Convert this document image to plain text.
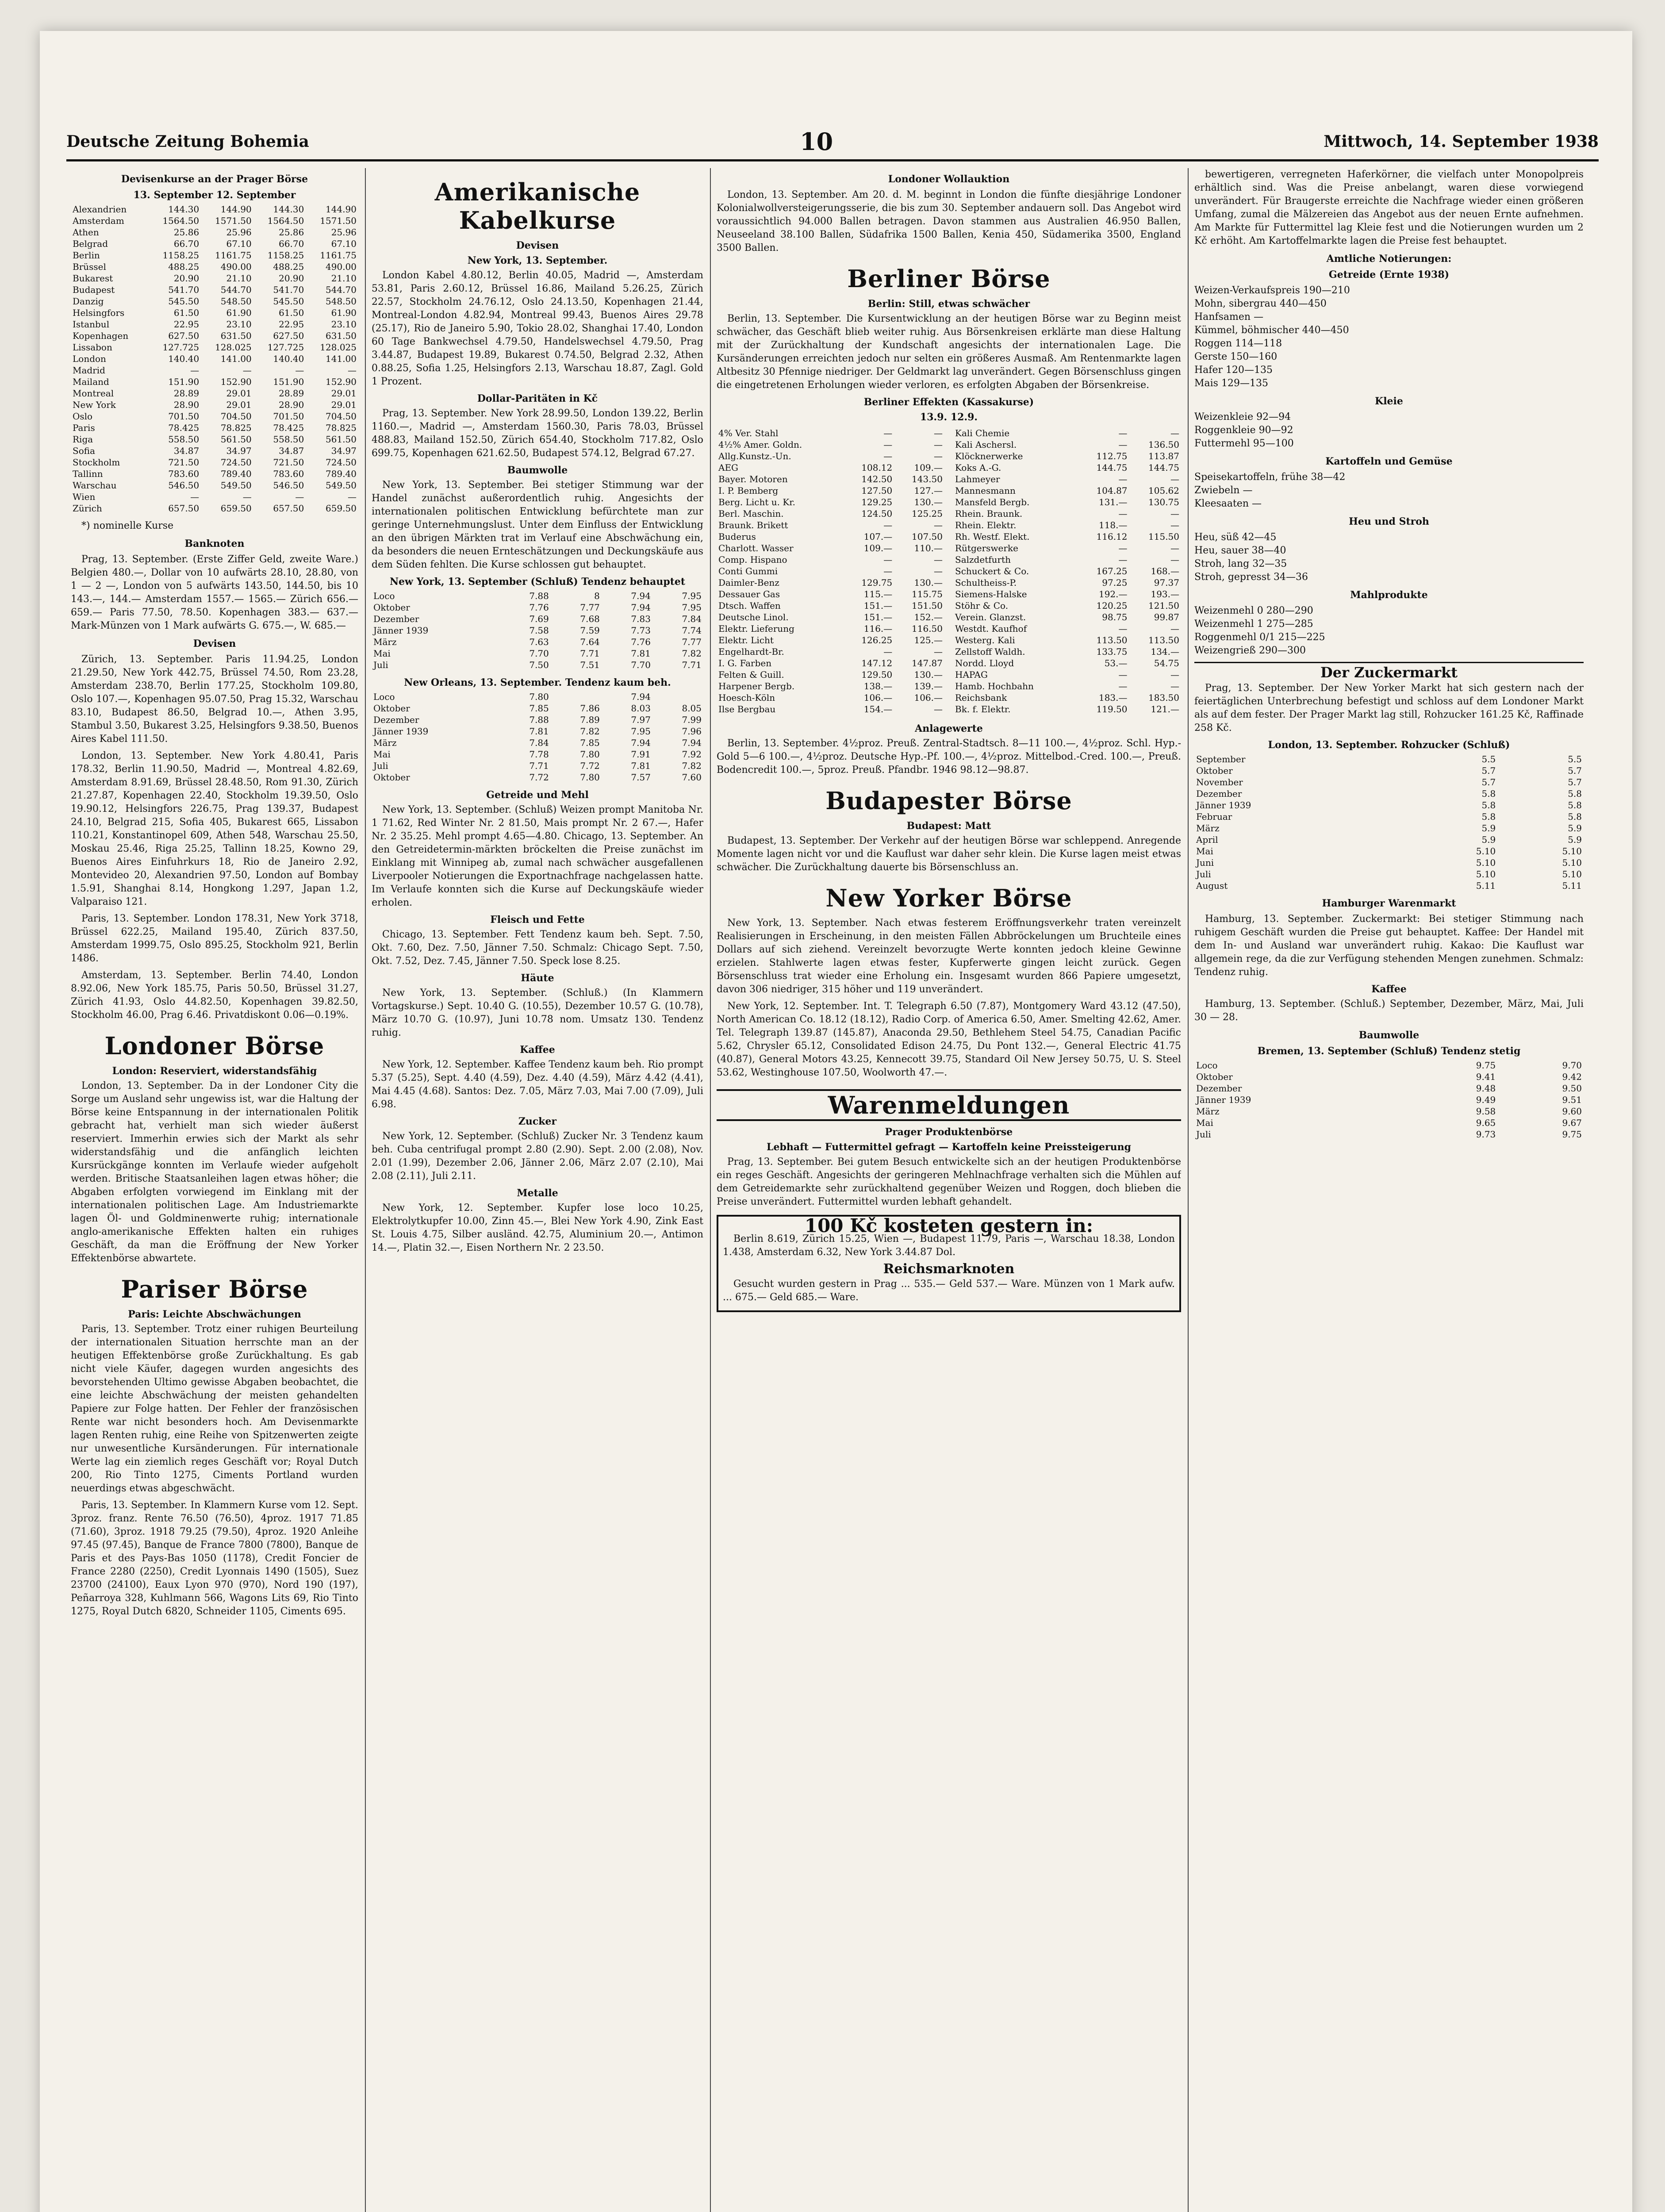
Deutsche Zeitung Bohemia	10	Mittwoch, 14. September 1938
Devisenkurse an der Prager Börse
13. September 12. September
Alexandrien	144.30	144.90	144.30	144.90
Amsterdam	1564.50	1571.50	1564.50	1571.50
Athen	25.86	25.96	25.86	25.96
Belgrad	66.70	67.10	66.70	67.10
Berlin	1158.25	1161.75	1158.25	1161.75
Brüssel	488.25	490.00	488.25	490.00
Bukarest	20.90	21.10	20.90	21.10
Budapest	541.70	544.70	541.70	544.70
Danzig	545.50	548.50	545.50	548.50
Helsingfors	61.50	61.90	61.50	61.90
Istanbul	22.95	23.10	22.95	23.10
Kopenhagen	627.50	631.50	627.50	631.50
Lissabon	127.725	128.025	127.725	128.025
London	140.40	141.00	140.40	141.00
Madrid	—	—	—	—
Mailand	151.90	152.90	151.90	152.90
Montreal	28.89	29.01	28.89	29.01
New York	28.90	29.01	28.90	29.01
Oslo	701.50	704.50	701.50	704.50
Paris	78.425	78.825	78.425	78.825
Riga	558.50	561.50	558.50	561.50
Sofia	34.87	34.97	34.87	34.97
Stockholm	721.50	724.50	721.50	724.50
Tallinn	783.60	789.40	783.60	789.40
Warschau	546.50	549.50	546.50	549.50
Wien	—	—	—	—
Zürich	657.50	659.50	657.50	659.50
*) nominelle Kurse
Banknoten
Prag, 13. September. (Erste Ziffer Geld, zweite Ware.) Belgien 480.—, Dollar von 10 aufwärts 28.10, 28.80, von 1 — 2 —, London von 5 aufwärts 143.50, 144.50, bis 10 143.—, 144.— Amsterdam 1557.— 1565.— Zürich 656.— 659.— Paris 77.50, 78.50. Kopenhagen 383.— 637.— Mark-Münzen von 1 Mark aufwärts G. 675.—, W. 685.—
Devisen
Zürich, 13. September. Paris 11.94.25, London 21.29.50, New York 442.75, Brüssel 74.50, Rom 23.28, Amsterdam 238.70, Berlin 177.25, Stockholm 109.80, Oslo 107.—, Kopenhagen 95.07.50, Prag 15.32, Warschau 83.10, Budapest 86.50, Belgrad 10.—, Athen 3.95, Stambul 3.50, Bukarest 3.25, Helsingfors 9.38.50, Buenos Aires Kabel 111.50.
London, 13. September. New York 4.80.41, Paris 178.32, Berlin 11.90.50, Madrid —, Montreal 4.82.69, Amsterdam 8.91.69, Brüssel 28.48.50, Rom 91.30, Zürich 21.27.87, Kopenhagen 22.40, Stockholm 19.39.50, Oslo 19.90.12, Helsingfors 226.75, Prag 139.37, Budapest 24.10, Belgrad 215, Sofia 405, Bukarest 665, Lissabon 110.21, Konstantinopel 609, Athen 548, Warschau 25.50, Moskau 25.46, Riga 25.25, Tallinn 18.25, Kowno 29, Buenos Aires Einfuhrkurs 18, Rio de Janeiro 2.92, Montevideo 20, Alexandrien 97.50, London auf Bombay 1.5.91, Shanghai 8.14, Hongkong 1.297, Japan 1.2, Valparaiso 121.
Paris, 13. September. London 178.31, New York 3718, Brüssel 622.25, Mailand 195.40, Zürich 837.50, Amsterdam 1999.75, Oslo 895.25, Stockholm 921, Berlin 1486.
Amsterdam, 13. September. Berlin 74.40, London 8.92.06, New York 185.75, Paris 50.50, Brüssel 31.27, Zürich 41.93, Oslo 44.82.50, Kopenhagen 39.82.50, Stockholm 46.00, Prag 6.46. Privatdiskont 0.06—0.19%.
Londoner Börse
London: Reserviert, widerstandsfähig
London, 13. September. Da in der Londoner City die Sorge um Ausland sehr ungewiss ist, war die Haltung der Börse keine Entspannung in der internationalen Politik gebracht hat, verhielt man sich wieder äußerst reserviert. Immerhin erwies sich der Markt als sehr widerstandsfähig und die anfänglich leichten Kursrückgänge konnten im Verlaufe wieder aufgeholt werden. Britische Staatsanleihen lagen etwas höher; die Abgaben erfolgten vorwiegend im Einklang mit der internationalen politischen Lage. Am Industriemarkte lagen Öl- und Goldminenwerte ruhig; internationale anglo-amerikanische Effekten halten ein ruhiges Geschäft, da man die Eröffnung der New Yorker Effektenbörse abwartete.
Pariser Börse
Paris: Leichte Abschwächungen
Paris, 13. September. Trotz einer ruhigen Beurteilung der internationalen Situation herrschte man an der heutigen Effektenbörse große Zurückhaltung. Es gab nicht viele Käufer, dagegen wurden angesichts des bevorstehenden Ultimo gewisse Abgaben beobachtet, die eine leichte Abschwächung der meisten gehandelten Papiere zur Folge hatten. Der Fehler der französischen Rente war nicht besonders hoch. Am Devisenmarkte lagen Renten ruhig, eine Reihe von Spitzenwerten zeigte nur unwesentliche Kursänderungen. Für internationale Werte lag ein ziemlich reges Geschäft vor; Royal Dutch 200, Rio Tinto 1275, Ciments Portland wurden neuerdings etwas abgeschwächt.
Paris, 13. September. In Klammern Kurse vom 12. Sept. 3proz. franz. Rente 76.50 (76.50), 4proz. 1917 71.85 (71.60), 3proz. 1918 79.25 (79.50), 4proz. 1920 Anleihe 97.45 (97.45), Banque de France 7800 (7800), Banque de Paris et des Pays-Bas 1050 (1178), Credit Foncier de France 2280 (2250), Credit Lyonnais 1490 (1505), Suez 23700 (24100), Eaux Lyon 970 (970), Nord 190 (197), Peñarroya 328, Kuhlmann 566, Wagons Lits 69, Rio Tinto 1275, Royal Dutch 6820, Schneider 1105, Ciments 695.
Amerikanische Kabelkurse
Devisen
New York, 13. September.
London Kabel 4.80.12, Berlin 40.05, Madrid —, Amsterdam 53.81, Paris 2.60.12, Brüssel 16.86, Mailand 5.26.25, Zürich 22.57, Stockholm 24.76.12, Oslo 24.13.50, Kopenhagen 21.44, Montreal-London 4.82.94, Montreal 99.43, Buenos Aires 29.78 (25.17), Rio de Janeiro 5.90, Tokio 28.02, Shanghai 17.40, London 60 Tage Bankwechsel 4.79.50, Handelswechsel 4.79.50, Prag 3.44.87, Budapest 19.89, Bukarest 0.74.50, Belgrad 2.32, Athen 0.88.25, Sofia 1.25, Helsingfors 2.13, Warschau 18.87, Zagl. Gold 1 Prozent.
Dollar-Paritäten in Kč
Prag, 13. September. New York 28.99.50, London 139.22, Berlin 1160.—, Madrid —, Amsterdam 1560.30, Paris 78.03, Brüssel 488.83, Mailand 152.50, Zürich 654.40, Stockholm 717.82, Oslo 699.75, Kopenhagen 621.62.50, Budapest 574.12, Belgrad 67.27.
Baumwolle
New York, 13. September. Bei stetiger Stimmung war der Handel zunächst außerordentlich ruhig. Angesichts der internationalen politischen Entwicklung befürchtete man zur geringe Unternehmungslust. Unter dem Einfluss der Entwicklung an den übrigen Märkten trat im Verlauf eine Abschwächung ein, da besonders die neuen Ernteschätzungen und Deckungskäufe aus dem Süden fehlten. Die Kurse schlossen gut behauptet.
New York, 13. September (Schluß) Tendenz behauptet
Loco	7.88	8	7.94	7.95
Oktober	7.76	7.77	7.94	7.95
Dezember	7.69	7.68	7.83	7.84
Jänner 1939	7.58	7.59	7.73	7.74
März	7.63	7.64	7.76	7.77
Mai	7.70	7.71	7.81	7.82
Juli	7.50	7.51	7.70	7.71
New Orleans, 13. September. Tendenz kaum beh.
Loco	7.80		7.94	
Oktober	7.85	7.86	8.03	8.05
Dezember	7.88	7.89	7.97	7.99
Jänner 1939	7.81	7.82	7.95	7.96
März	7.84	7.85	7.94	7.94
Mai	7.78	7.80	7.91	7.92
Juli	7.71	7.72	7.81	7.82
Oktober	7.72	7.80	7.57	7.60
Getreide und Mehl
New York, 13. September. (Schluß) Weizen prompt Manitoba Nr. 1 71.62, Red Winter Nr. 2 81.50, Mais prompt Nr. 2 67.—, Hafer Nr. 2 35.25. Mehl prompt 4.65—4.80. Chicago, 13. September. An den Getreidetermin-märkten bröckelten die Preise zunächst im Einklang mit Winnipeg ab, zumal nach schwächer ausgefallenen Liverpooler Notierungen die Exportnachfrage nachgelassen hatte. Im Verlaufe konnten sich die Kurse auf Deckungskäufe wieder erholen.
Fleisch und Fette
Chicago, 13. September. Fett Tendenz kaum beh. Sept. 7.50, Okt. 7.60, Dez. 7.50, Jänner 7.50. Schmalz: Chicago Sept. 7.50, Okt. 7.52, Dez. 7.45, Jänner 7.50. Speck lose 8.25.
Häute
New York, 13. September. (Schluß.) (In Klammern Vortagskurse.) Sept. 10.40 G. (10.55), Dezember 10.57 G. (10.78), März 10.70 G. (10.97), Juni 10.78 nom. Umsatz 130. Tendenz ruhig.
Kaffee
New York, 12. September. Kaffee Tendenz kaum beh. Rio prompt 5.37 (5.25), Sept. 4.40 (4.59), Dez. 4.40 (4.59), März 4.42 (4.41), Mai 4.45 (4.68). Santos: Dez. 7.05, März 7.03, Mai 7.00 (7.09), Juli 6.98.
Zucker
New York, 12. September. (Schluß) Zucker Nr. 3 Tendenz kaum beh. Cuba centrifugal prompt 2.80 (2.90). Sept. 2.00 (2.08), Nov. 2.01 (1.99), Dezember 2.06, Jänner 2.06, März 2.07 (2.10), Mai 2.08 (2.11), Juli 2.11.
Metalle
New York, 12. September. Kupfer lose loco 10.25, Elektrolytkupfer 10.00, Zinn 45.—, Blei New York 4.90, Zink East St. Louis 4.75, Silber ausländ. 42.75, Aluminium 20.—, Antimon 14.—, Platin 32.—, Eisen Northern Nr. 2 23.50.
Londoner Wollauktion
London, 13. September. Am 20. d. M. beginnt in London die fünfte diesjährige Londoner Kolonialwollversteigerungsserie, die bis zum 30. September andauern soll. Das Angebot wird voraussichtlich 94.000 Ballen betragen. Davon stammen aus Australien 46.950 Ballen, Neuseeland 38.100 Ballen, Südafrika 1500 Ballen, Kenia 450, Südamerika 3500, England 3500 Ballen.
Berliner Börse
Berlin: Still, etwas schwächer
Berlin, 13. September. Die Kursentwicklung an der heutigen Börse war zu Beginn meist schwächer, das Geschäft blieb weiter ruhig. Aus Börsenkreisen erklärte man diese Haltung mit der Zurückhaltung der Kundschaft angesichts der internationalen Lage. Die Kursänderungen erreichten jedoch nur selten ein größeres Ausmaß. Am Rentenmarkte lagen Altbesitz 30 Pfennige niedriger. Der Geldmarkt lag unverändert. Gegen Börsenschluss gingen die eingetretenen Erholungen wieder verloren, es erfolgten Abgaben der Börsenkreise.
Berliner Effekten (Kassakurse)
13.9. 12.9.
4% Ver. Stahl	—	—
4½% Amer. Goldn.	—	—
Allg.Kunstz.-Un.	—	—
AEG	108.12	109.—
Bayer. Motoren	142.50	143.50
I. P. Bemberg	127.50	127.—
Berg. Licht u. Kr.	129.25	130.—
Berl. Maschin.	124.50	125.25
Braunk. Brikett	—	—
Buderus	107.—	107.50
Charlott. Wasser	109.—	110.—
Comp. Hispano	—	—
Conti Gummi	—	—
Daimler-Benz	129.75	130.—
Dessauer Gas	115.—	115.75
Dtsch. Waffen	151.—	151.50
Deutsche Linol.	151.—	152.—
Elektr. Lieferung	116.—	116.50
Elektr. Licht	126.25	125.—
Engelhardt-Br.	—	—
I. G. Farben	147.12	147.87
Felten & Guill.	129.50	130.—
Harpener Bergb.	138.—	139.—
Hoesch-Köln	106.—	106.—
Ilse Bergbau	154.—	—
Kali Chemie	—	—
Kali Aschersl.	—	136.50
Klöcknerwerke	112.75	113.87
Koks A.-G.	144.75	144.75
Lahmeyer	—	—
Mannesmann	104.87	105.62
Mansfeld Bergb.	131.—	130.75
Rhein. Braunk.	—	—
Rhein. Elektr.	118.—	—
Rh. Westf. Elekt.	116.12	115.50
Rütgerswerke	—	—
Salzdetfurth	—	—
Schuckert & Co.	167.25	168.—
Schultheiss-P.	97.25	97.37
Siemens-Halske	192.—	193.—
Stöhr & Co.	120.25	121.50
Verein. Glanzst.	98.75	99.87
Westdt. Kaufhof	—	—
Westerg. Kali	113.50	113.50
Zellstoff Waldh.	133.75	134.—
Nordd. Lloyd	53.—	54.75
HAPAG	—	—
Hamb. Hochbahn	—	—
Reichsbank	183.—	183.50
Bk. f. Elektr.	119.50	121.—
Anlagewerte
Berlin, 13. September. 4½proz. Preuß. Zentral-Stadtsch. 8—11 100.—, 4½proz. Schl. Hyp.-Gold 5—6 100.—, 4½proz. Deutsche Hyp.-Pf. 100.—, 4½proz. Mittelbod.-Cred. 100.—, Preuß. Bodencredit 100.—, 5proz. Preuß. Pfandbr. 1946 98.12—98.87.
Budapester Börse
Budapest: Matt
Budapest, 13. September. Der Verkehr auf der heutigen Börse war schleppend. Anregende Momente lagen nicht vor und die Kauflust war daher sehr klein. Die Kurse lagen meist etwas schwächer. Die Zurückhaltung dauerte bis Börsenschluss an.
New Yorker Börse
New York, 13. September. Nach etwas festerem Eröffnungsverkehr traten vereinzelt Realisierungen in Erscheinung, in den meisten Fällen Abbröckelungen um Bruchteile eines Dollars auf sich ziehend. Vereinzelt bevorzugte Werte konnten jedoch kleine Gewinne erzielen. Stahlwerte lagen etwas fester, Kupferwerte gingen leicht zurück. Gegen Börsenschluss trat wieder eine Erholung ein. Insgesamt wurden 866 Papiere umgesetzt, davon 306 niedriger, 315 höher und 119 unverändert.
New York, 12. September. Int. T. Telegraph 6.50 (7.87), Montgomery Ward 43.12 (47.50), North American Co. 18.12 (18.12), Radio Corp. of America 6.50, Amer. Smelting 42.62, Amer. Tel. Telegraph 139.87 (145.87), Anaconda 29.50, Bethlehem Steel 54.75, Canadian Pacific 5.62, Chrysler 65.12, Consolidated Edison 24.75, Du Pont 132.—, General Electric 41.75 (40.87), General Motors 43.25, Kennecott 39.75, Standard Oil New Jersey 50.75, U. S. Steel 53.62, Westinghouse 107.50, Woolworth 47.—.
Warenmeldungen
Prager Produktenbörse
Lebhaft — Futtermittel gefragt — Kartoffeln keine Preissteigerung
Prag, 13. September. Bei gutem Besuch entwickelte sich an der heutigen Produktenbörse ein reges Geschäft. Angesichts der geringeren Mehlnachfrage verhalten sich die Mühlen auf dem Getreidemarkte sehr zurückhaltend gegenüber Weizen und Roggen, doch blieben die Preise unverändert. Futtermittel wurden lebhaft gehandelt.
100 Kč kosteten gestern in:
Berlin 8.619, Zürich 15.25, Wien —, Budapest 11.79, Paris —, Warschau 18.38, London 1.438, Amsterdam 6.32, New York 3.44.87 Dol.
Reichsmarknoten
Gesucht wurden gestern in Prag ... 535.— Geld 537.— Ware. Münzen von 1 Mark aufw. ... 675.— Geld 685.— Ware.
bewertigeren, verregneten Haferkörner, die vielfach unter Monopolpreis erhältlich sind. Was die Preise anbelangt, waren diese vorwiegend unverändert. Für Braugerste erreichte die Nachfrage wieder einen größeren Umfang, zumal die Mälzereien das Angebot aus der neuen Ernte aufnehmen. Am Markte für Futtermittel lag Kleie fest und die Notierungen wurden um 2 Kč erhöht. Am Kartoffelmarkte lagen die Preise fest behauptet.
Amtliche Notierungen:
Getreide (Ernte 1938)
Weizen-Verkaufspreis 190—210
Mohn, sibergrau 440—450
Hanfsamen —
Kümmel, böhmischer 440—450
Roggen 114—118
Gerste 150—160
Hafer 120—135
Mais 129—135
Kleie
Weizenkleie 92—94
Roggenkleie 90—92
Futtermehl 95—100
Kartoffeln und Gemüse
Speisekartoffeln, frühe 38—42
Zwiebeln —
Kleesaaten —
Heu und Stroh
Heu, süß 42—45
Heu, sauer 38—40
Stroh, lang 32—35
Stroh, gepresst 34—36
Mahlprodukte
Weizenmehl 0 280—290
Weizenmehl 1 275—285
Roggenmehl 0/1 215—225
Weizengrieß 290—300
Der Zuckermarkt
Prag, 13. September. Der New Yorker Markt hat sich gestern nach der feiertäglichen Unterbrechung befestigt und schloss auf dem Londoner Markt als auf dem fester. Der Prager Markt lag still, Rohzucker 161.25 Kč, Raffinade 258 Kč.
London, 13. September. Rohzucker (Schluß)
September	5.5	5.5
Oktober	5.7	5.7
November	5.7	5.7
Dezember	5.8	5.8
Jänner 1939	5.8	5.8
Februar	5.8	5.8
März	5.9	5.9
April	5.9	5.9
Mai	5.10	5.10
Juni	5.10	5.10
Juli	5.10	5.10
August	5.11	5.11
Hamburger Warenmarkt
Hamburg, 13. September. Zuckermarkt: Bei stetiger Stimmung nach ruhigem Geschäft wurden die Preise gut behauptet. Kaffee: Der Handel mit dem In- und Ausland war unverändert ruhig. Kakao: Die Kauflust war allgemein rege, da die zur Verfügung stehenden Mengen zunehmen. Schmalz: Tendenz ruhig.
Kaffee
Hamburg, 13. September. (Schluß.) September, Dezember, März, Mai, Juli 30 — 28.
Baumwolle
Bremen, 13. September (Schluß) Tendenz stetig
Loco	9.75	9.70
Oktober	9.41	9.42
Dezember	9.48	9.50
Jänner 1939	9.49	9.51
März	9.58	9.60
Mai	9.65	9.67
Juli	9.73	9.75
